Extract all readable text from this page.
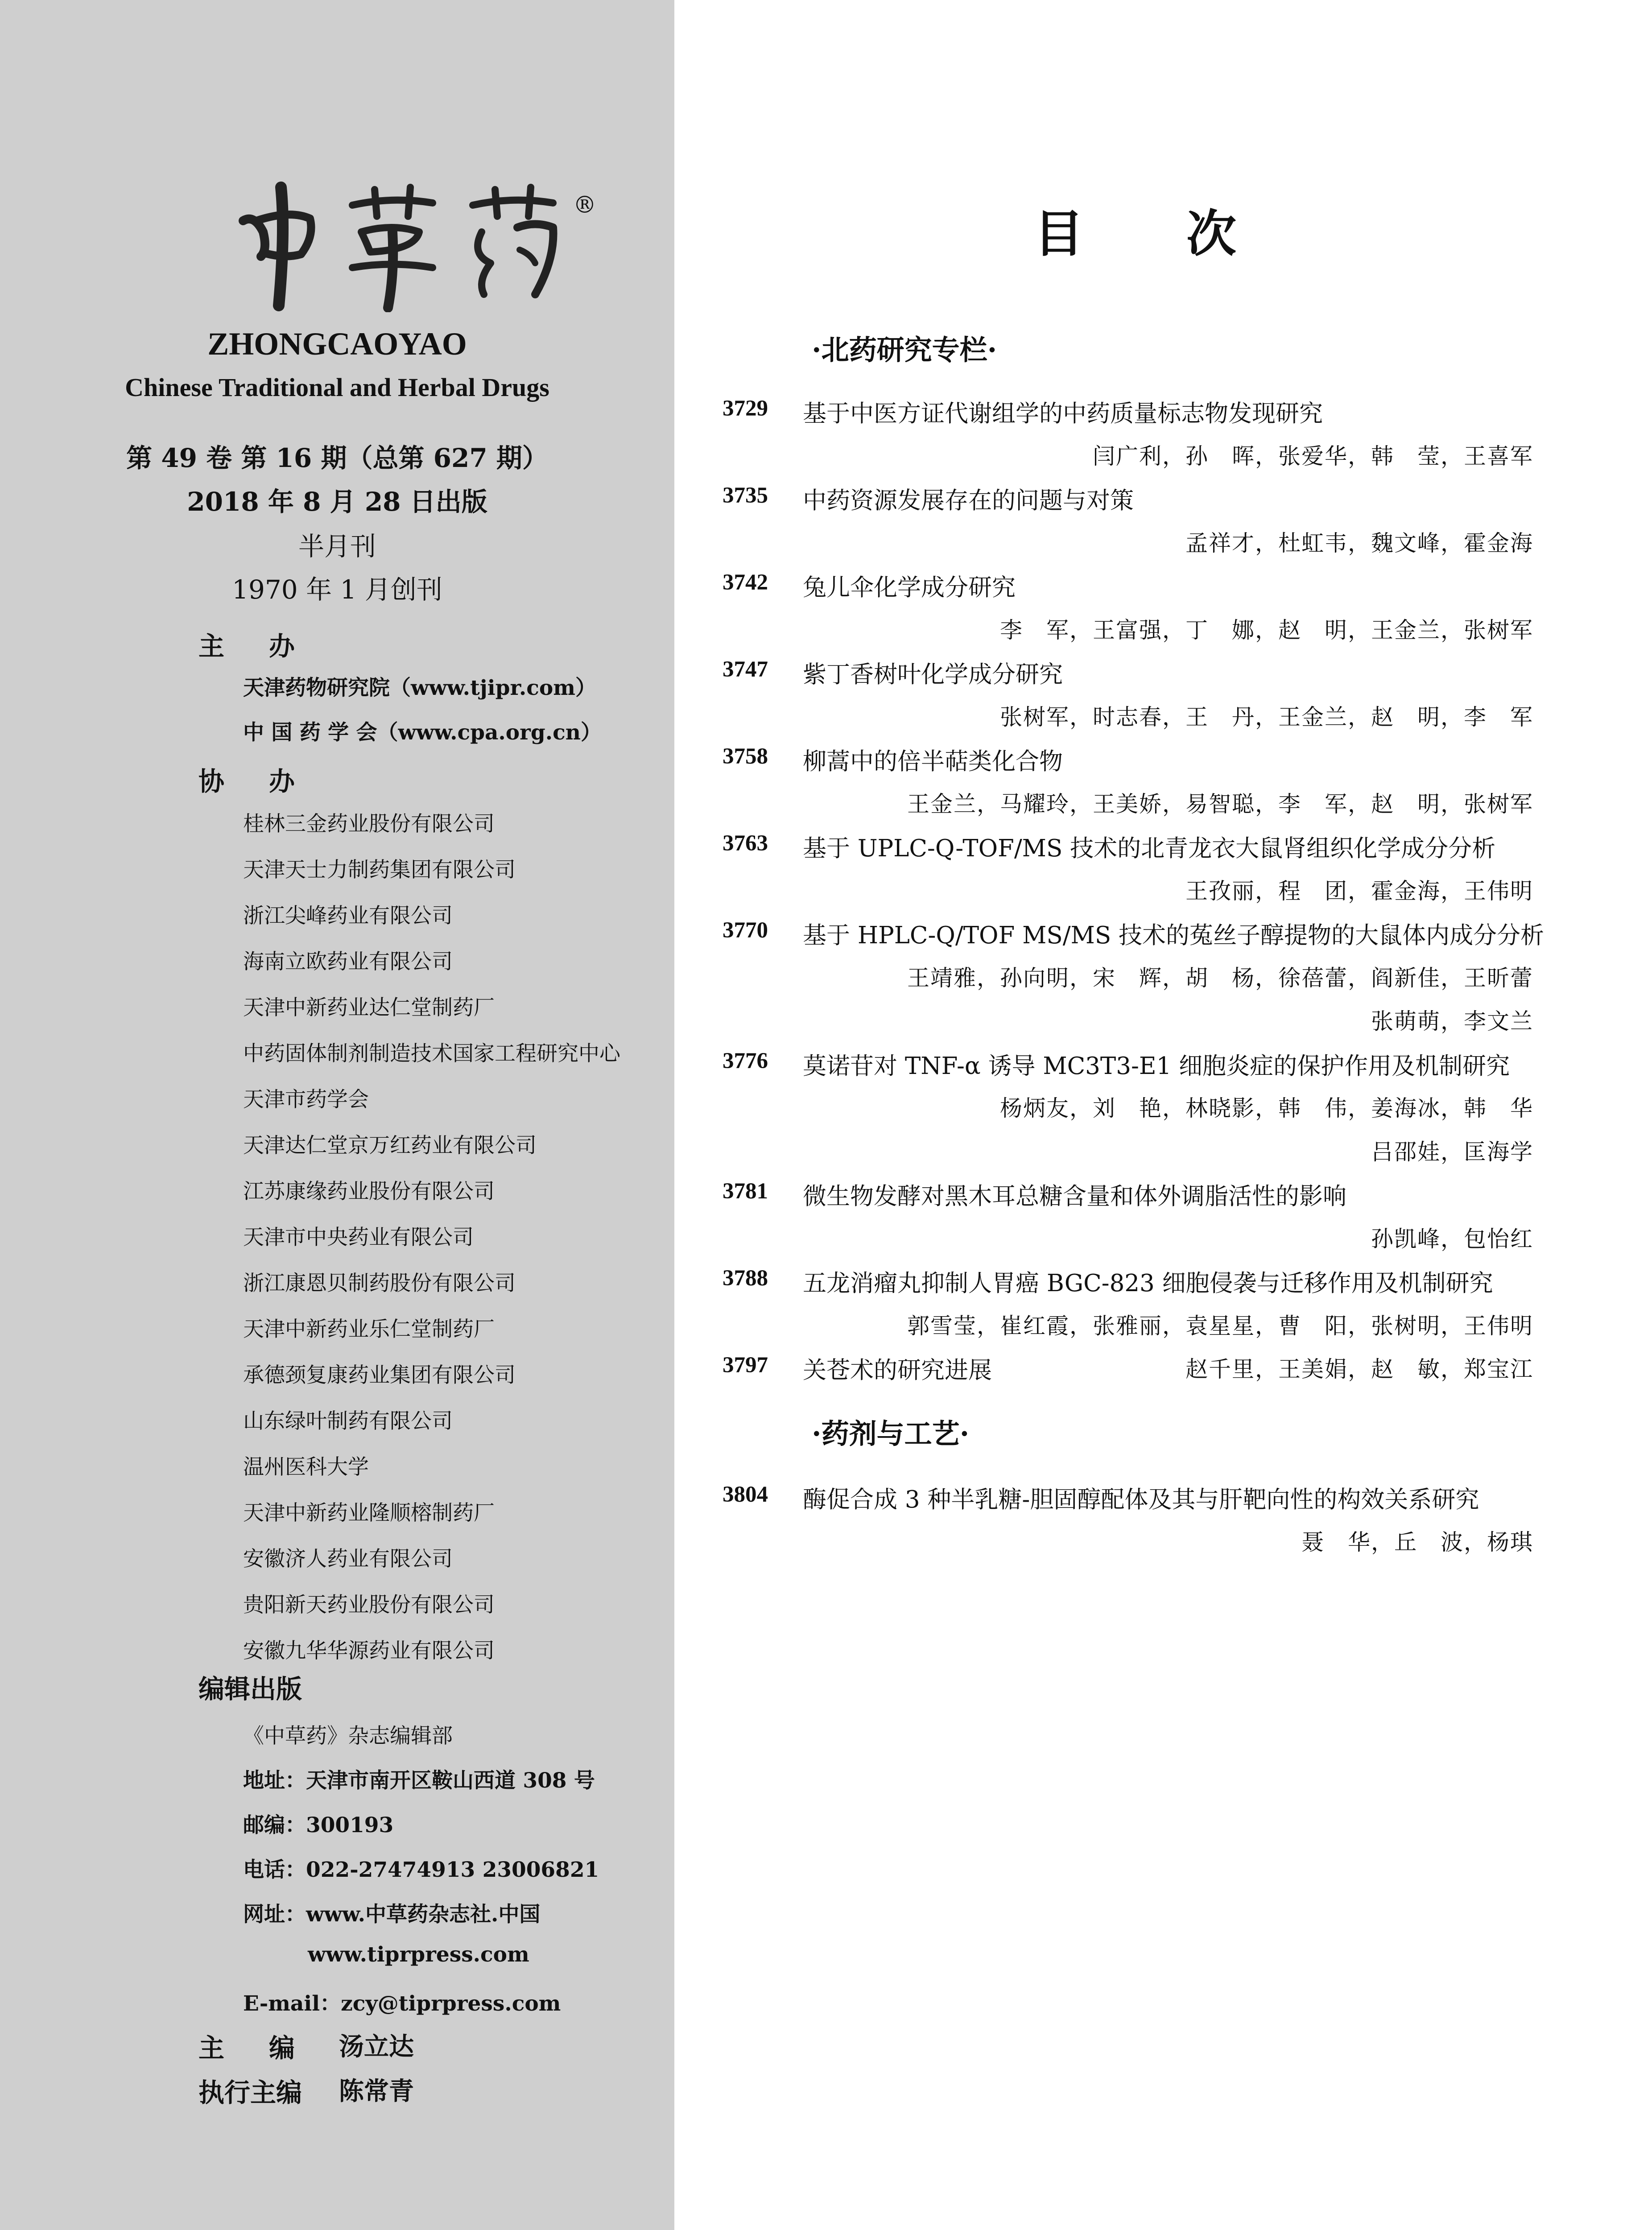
®
ZHONGCAOYAO
Chinese Traditional and Herbal Drugs
第 49 卷 第 16 期（总第 627 期）
2018 年 8 月 28 日出版
半月刊
1970 年 1 月创刊
主办
天津药物研究院（www.tjipr.com）
中 国 药 学 会（www.cpa.org.cn）
协办
桂林三金药业股份有限公司
天津天士力制药集团有限公司
浙江尖峰药业有限公司
海南立欧药业有限公司
天津中新药业达仁堂制药厂
中药固体制剂制造技术国家工程研究中心
天津市药学会
天津达仁堂京万红药业有限公司
江苏康缘药业股份有限公司
天津市中央药业有限公司
浙江康恩贝制药股份有限公司
天津中新药业乐仁堂制药厂
承德颈复康药业集团有限公司
山东绿叶制药有限公司
温州医科大学
天津中新药业隆顺榕制药厂
安徽济人药业有限公司
贵阳新天药业股份有限公司
安徽九华华源药业有限公司
编辑出版
《中草药》杂志编辑部
地址：天津市南开区鞍山西道 308 号
邮编：300193
电话：022-27474913 23006821
网址：www.中草药杂志社.中国
www.tiprpress.com
E-mail：zcy@tiprpress.com
主编
汤立达
执行主编 陈常青
目次
·北药研究专栏·
3729	基于中医方证代谢组学的中药质量标志物发现研究
闫广利，孙　晖，张爱华，韩　莹，王喜军
3735	中药资源发展存在的问题与对策
孟祥才，杜虹韦，魏文峰，霍金海
3742	兔儿伞化学成分研究
李　军，王富强，丁　娜，赵　明，王金兰，张树军
3747	紫丁香树叶化学成分研究
张树军，时志春，王　丹，王金兰，赵　明，李　军
3758	柳蒿中的倍半萜类化合物
王金兰，马耀玲，王美娇，易智聪，李　军，赵　明，张树军
3763	基于 UPLC-Q-TOF/MS 技术的北青龙衣大鼠肾组织化学成分分析
王孜丽，程　团，霍金海，王伟明
3770	基于 HPLC-Q/TOF MS/MS 技术的菟丝子醇提物的大鼠体内成分分析
王靖雅，孙向明，宋　辉，胡　杨，徐蓓蕾，阎新佳，王昕蕾
张萌萌，李文兰
3776	莫诺苷对 TNF-α 诱导 MC3T3-E1 细胞炎症的保护作用及机制研究
杨炳友，刘　艳，林晓影，韩　伟，姜海冰，韩　华
吕邵娃，匡海学
3781	微生物发酵对黑木耳总糖含量和体外调脂活性的影响
孙凯峰，包怡红
3788	五龙消瘤丸抑制人胃癌 BGC-823 细胞侵袭与迁移作用及机制研究
郭雪莹，崔红霞，张雅丽，袁星星，曹　阳，张树明，王伟明
3797	关苍术的研究进展	赵千里，王美娟，赵　敏，郑宝江
·药剂与工艺·
3804	酶促合成 3 种半乳糖-胆固醇配体及其与肝靶向性的构效关系研究
聂　华，丘　波，杨琪
